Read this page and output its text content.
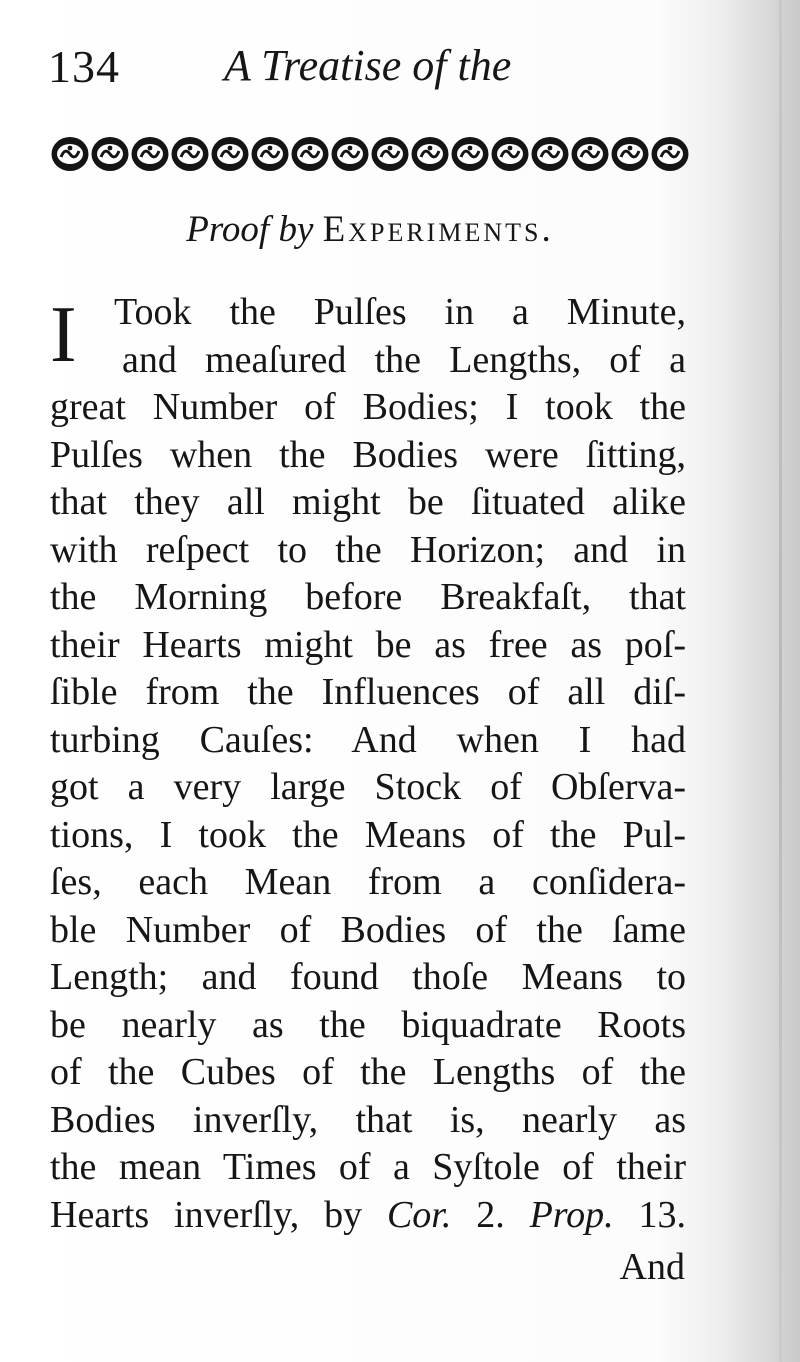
134 A Treatise of the
Proof by Experiments.
I Took the Pulſes in a Minute,
and meaſured the Lengths, of a
great Number of Bodies; I took the
Pulſes when the Bodies were ſitting,
that they all might be ſituated alike
with reſpect to the Horizon; and in
the Morning before Breakfaſt, that
their Hearts might be as free as poſ-
ſible from the Influences of all diſ-
turbing Cauſes: And when I had
got a very large Stock of Obſerva-
tions, I took the Means of the Pul-
ſes, each Mean from a conſidera-
ble Number of Bodies of the ſame
Length; and found thoſe Means to
be nearly as the biquadrate Roots
of the Cubes of the Lengths of the
Bodies inverſly, that is, nearly as
the mean Times of a Syſtole of their
Hearts inverſly, by Cor. 2. Prop. 13.
And
